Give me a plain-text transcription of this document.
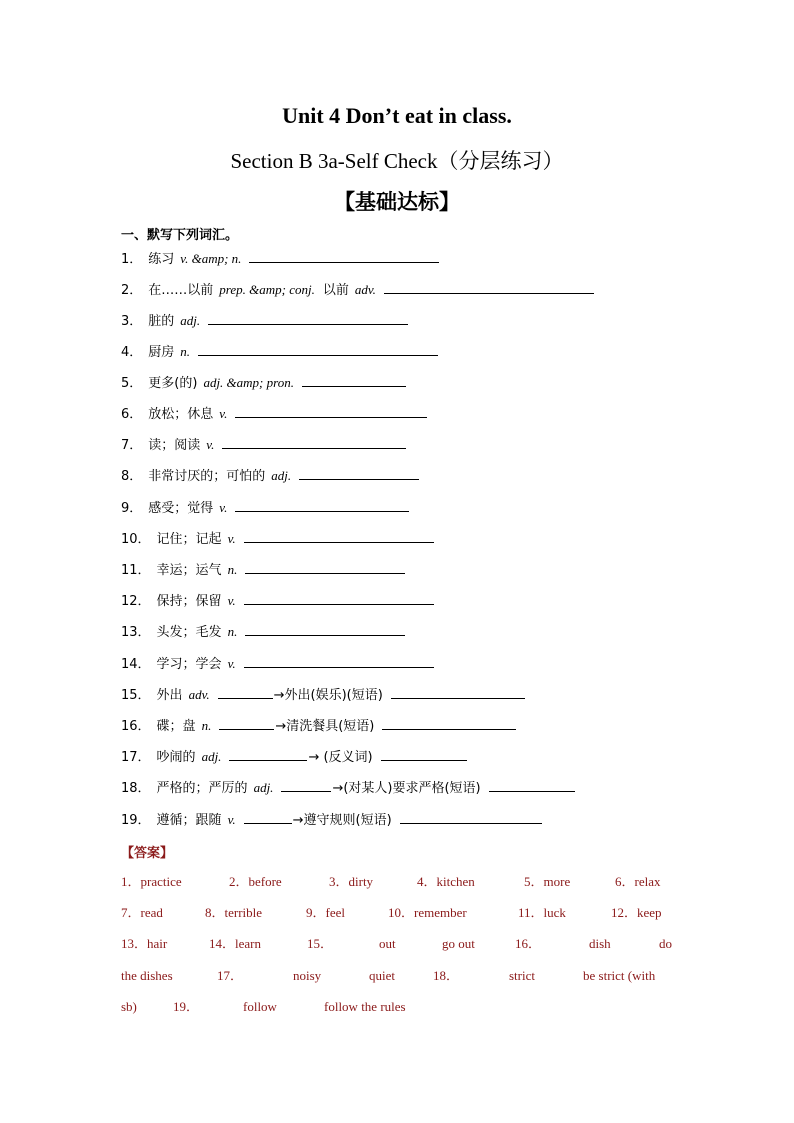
Unit 4 Don’t eat in class.
Section B 3a-Self Check（分层练习）
【基础达标】
一、默写下列词汇。
1． 练习 v. &amp; n.
2． 在……以前 prep. &amp; conj. 以前 adv.
3． 脏的 adj.
4． 厨房 n.
5． 更多(的) adj. &amp; pron.
6． 放松；休息 v.
7． 读；阅读 v.
8． 非常讨厌的；可怕的 adj.
9． 感受；觉得 v.
10． 记住；记起 v.
11． 幸运；运气 n.
12． 保持；保留 v.
13． 头发；毛发 n.
14． 学习；学会 v.
15． 外出 adv.	→外出(娱乐)(短语)
16． 碟；盘 n.	→清洗餐具(短语)
17． 吵闹的 adj.	→ (反义词)
18． 严格的；严厉的 adj.	→(对某人)要求严格(短语)
19． 遵循；跟随 v.	→遵守规则(短语)
【答案】
1．practice	2．before	3．dirty	4．kitchen	5．more	6．relax
7．read	8．terrible	9．feel	10．remember	11．luck	12．keep
13．hair	14．learn	15．	out	go out	16．	dish	do
the dishes	17．	noisy	quiet	18．	strict	be strict (with
sb)	19．	follow	follow the rules
